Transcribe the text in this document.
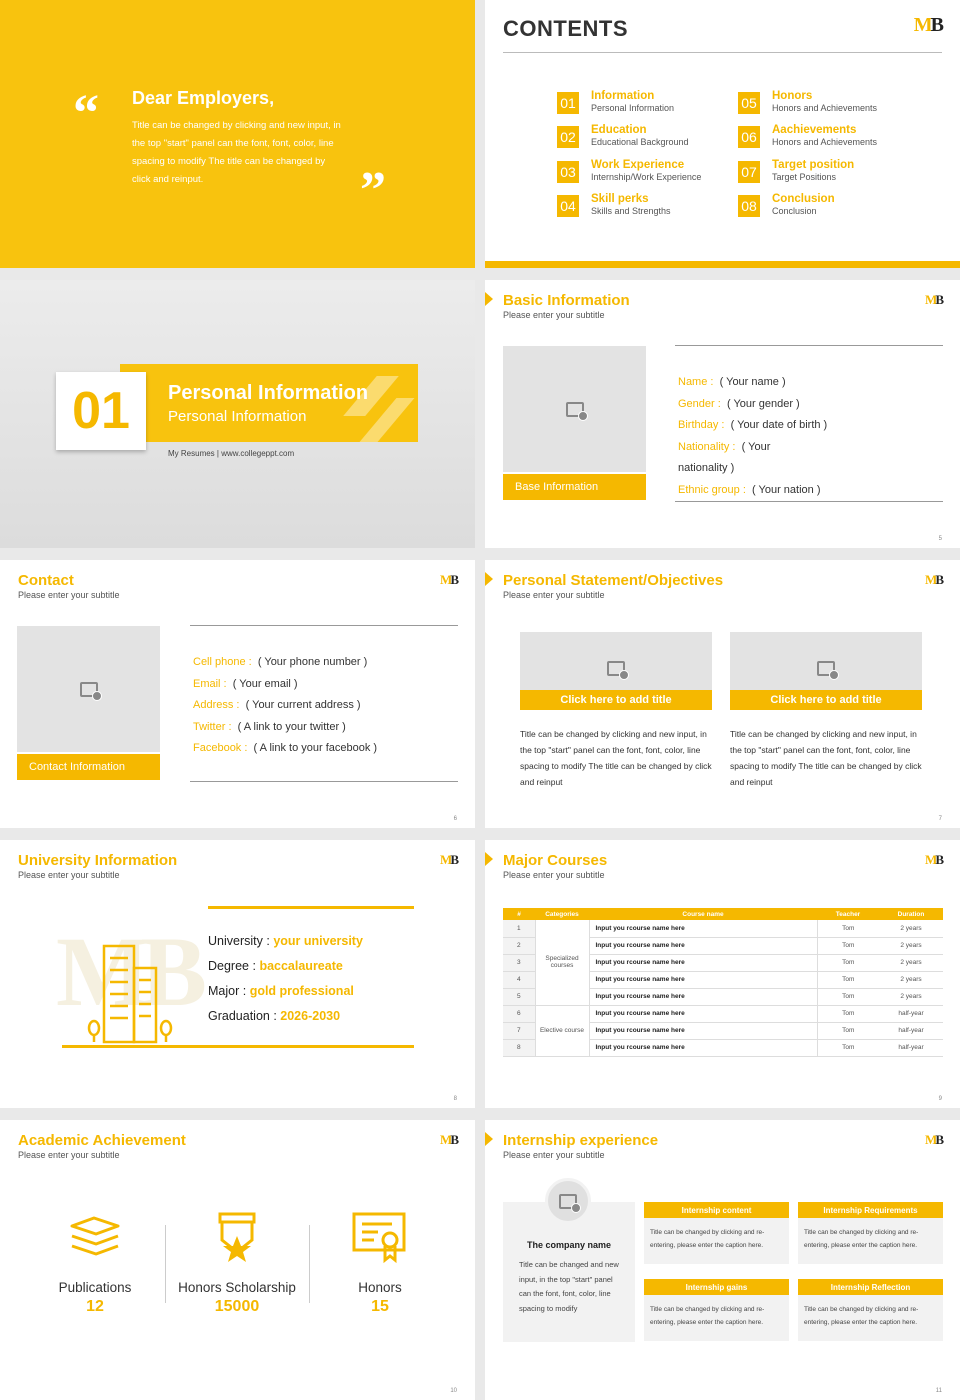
“ Dear Employers,
Title can be changed by clicking and new input, in the top "start" panel can the font, font, color, line spacing to modify The title can be changed by click and reinput.	”
CONTENTS	MB
01 Information
Personal Information
02 Education
Educational Background
03 Work Experience
Internship/Work Experience
04 Skill perks
Skills and Strengths
05 Honors
Honors and Achievements
06 Aachievements
Honors and Achievements
07 Target position
Target Positions
08 Conclusion
Conclusion
01	Personal Information
Personal Information
My Resumes | www.collegeppt.com
Basic Information
Please enter your subtitle
MB
Base Information
Name : ( Your name )
Gender : ( Your gender )
Birthday : ( Your date of birth )
Nationality : ( Your
nationality )
Ethnic group : ( Your nation )
5
Contact
Please enter your subtitle
MB
Contact Information
Cell phone : ( Your phone number )
Email : ( Your email )
Address : ( Your current address )
Twitter : ( A link to your twitter )
Facebook : ( A link to your facebook )
6
Personal Statement/Objectives
Please enter your subtitle
MB
Click here to add title
Title can be changed by clicking and new input, in the top "start" panel can the font, font, color, line spacing to modify The title can be changed by click and reinput
Click here to add title
Title can be changed by clicking and new input, in the top "start" panel can the font, font, color, line spacing to modify The title can be changed by click and reinput
7
University Information
Please enter your subtitle
MB
MB University : your university
Degree : baccalaureate
Major : gold professional
Graduation : 2026-2030
8
Major Courses
Please enter your subtitle
MB
#	Categories	Course name	Teacher	Duration
1	Specialized courses	Input you rcourse name here	Tom	2 years
2		Input you rcourse name here	Tom	2 years
3		Input you rcourse name here	Tom	2 years
4		Input you rcourse name here	Tom	2 years
5		Input you rcourse name here	Tom	2 years
6	Elective course	Input you rcourse name here	Tom	half-year
7		Input you rcourse name here	Tom	half-year
8		Input you rcourse name here	Tom	half-year
9
Academic Achievement
Please enter your subtitle
MB
Publications
12
Honors Scholarship
15000
Honors
15
10
Internship experience
Please enter your subtitle
MB
The company name
Title can be changed and new input, in the top "start" panel can the font, font, color, line spacing to modify
Internship content
Title can be changed by clicking and re-entering, please enter the caption here.
Internship Requirements
Title can be changed by clicking and re-entering, please enter the caption here.
Internship gains
Title can be changed by clicking and re-entering, please enter the caption here.
Internship Reflection
Title can be changed by clicking and re-entering, please enter the caption here.
11
